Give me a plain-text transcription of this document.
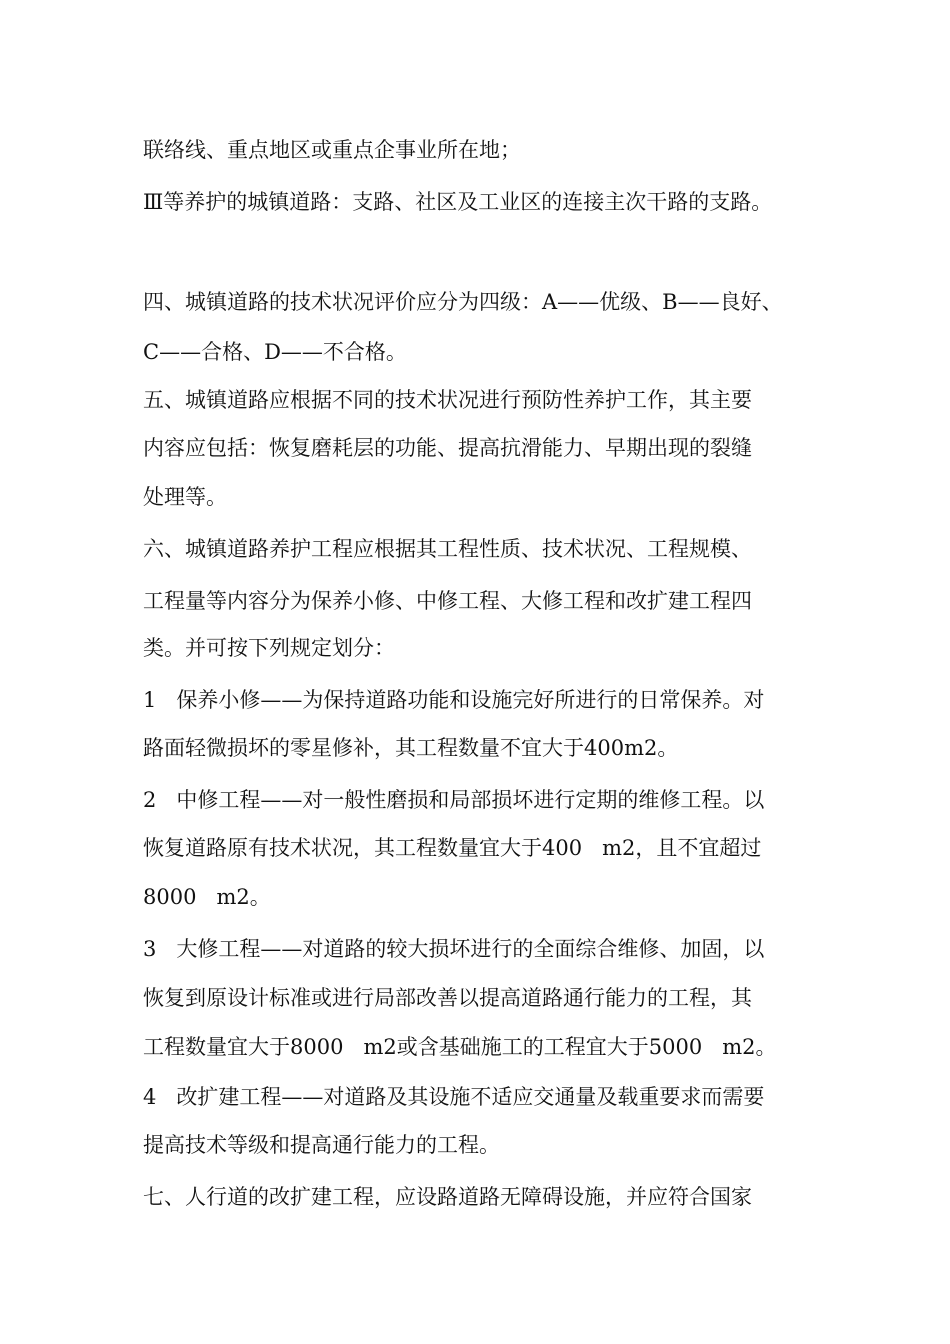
联络线、重点地区或重点企事业所在地；
Ⅲ等养护的城镇道路：支路、社区及工业区的连接主次干路的支路。
四、城镇道路的技术状况评价应分为四级：A——优级、B——良好、
C——合格、D——不合格。
五、城镇道路应根据不同的技术状况进行预防性养护工作，其主要
内容应包括：恢复磨耗层的功能、提高抗滑能力、早期出现的裂缝
处理等。
六、城镇道路养护工程应根据其工程性质、技术状况、工程规模、
工程量等内容分为保养小修、中修工程、大修工程和改扩建工程四
类。并可按下列规定划分：
1   保养小修——为保持道路功能和设施完好所进行的日常保养。对
路面轻微损坏的零星修补，其工程数量不宜大于400m2。
2   中修工程——对一般性磨损和局部损坏进行定期的维修工程。以
恢复道路原有技术状况，其工程数量宜大于400   m2，且不宜超过
8000   m2。
3   大修工程——对道路的较大损坏进行的全面综合维修、加固，以
恢复到原设计标准或进行局部改善以提高道路通行能力的工程，其
工程数量宜大于8000   m2或含基础施工的工程宜大于5000   m2。
4   改扩建工程——对道路及其设施不适应交通量及载重要求而需要
提高技术等级和提高通行能力的工程。
七、人行道的改扩建工程，应设路道路无障碍设施，并应符合国家
